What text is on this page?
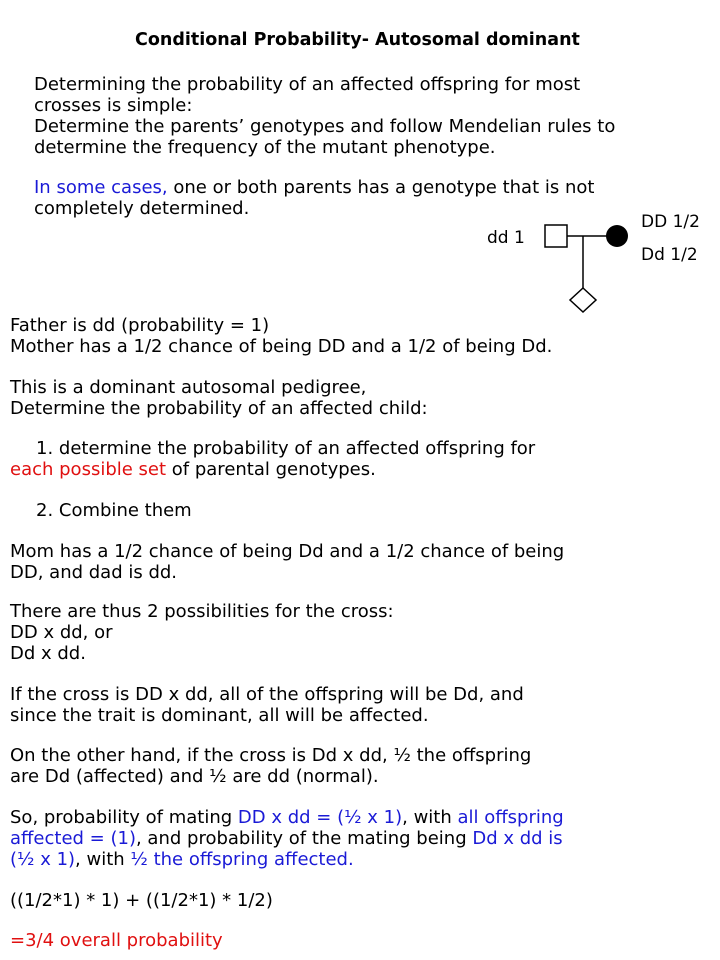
Conditional Probability- Autosomal dominant
Determining the probability of an affected offspring for most
crosses is simple:
Determine the parents’ genotypes and follow Mendelian rules to
determine the frequency of the mutant phenotype.
In some cases, one or both parents has a genotype that is not
completely determined.
dd 1
DD 1/2
Dd 1/2
Father is dd (probability = 1)
Mother has a 1/2 chance of being DD and a 1/2 of being Dd.
This is a dominant autosomal pedigree,
Determine the probability of an affected child:
1. determine the probability of an affected offspring for
each possible set of parental genotypes.
2. Combine them
Mom has a 1/2 chance of being Dd and a 1/2 chance of being
DD, and dad is dd.
There are thus 2 possibilities for the cross:
DD x dd, or
Dd x dd.
If the cross is DD x dd, all of the offspring will be Dd, and
since the trait is dominant, all will be affected.
On the other hand, if the cross is Dd x dd, ½ the offspring
are Dd (affected) and ½ are dd (normal).
So, probability of mating DD x dd = (½ x 1), with all offspring
affected = (1), and probability of the mating being Dd x dd is
(½ x 1), with ½ the offspring affected.
((1/2*1) * 1) + ((1/2*1) * 1/2)
=3/4 overall probability
